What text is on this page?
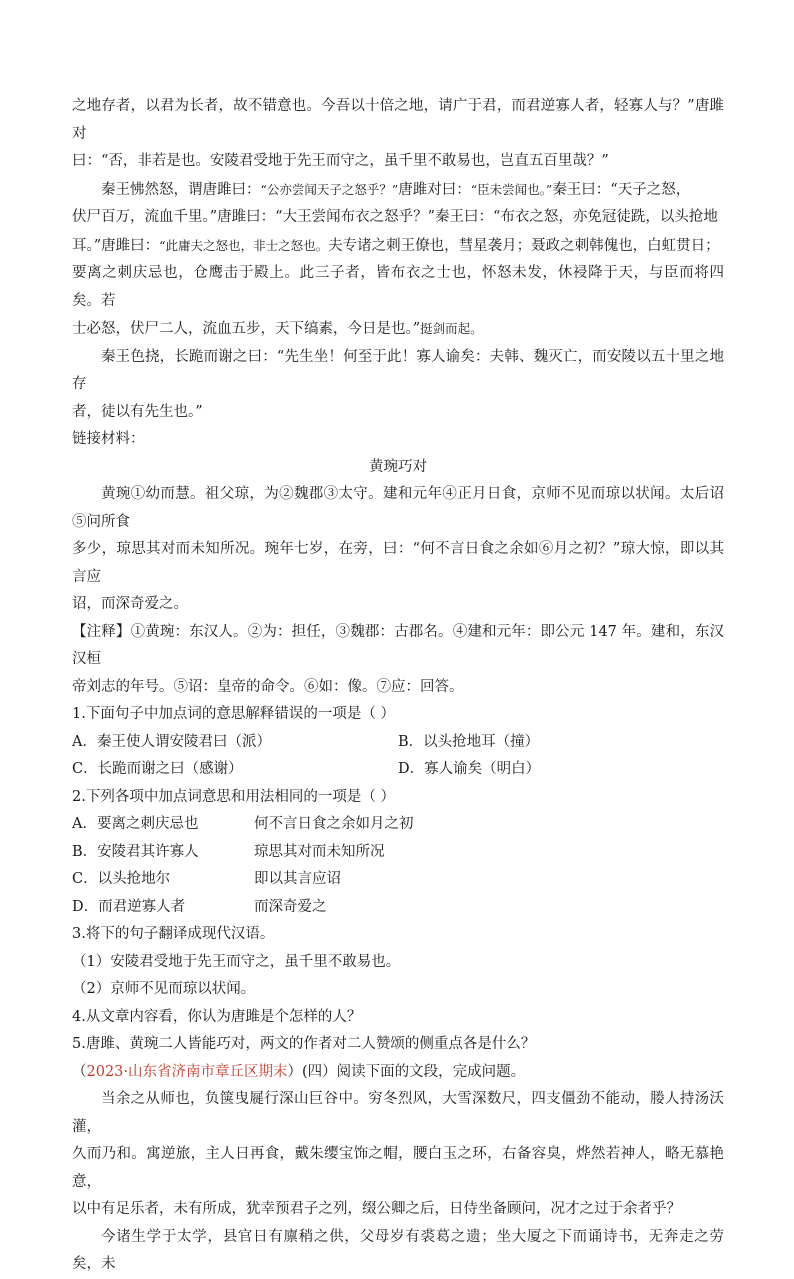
之地存者，以君为长者，故不错意也。今吾以十倍之地，请广于君，而君逆寡人者，轻寡人与？”唐雎对
曰：“否，非若是也。安陵君受地于先王而守之，虽千里不敢易也，岂直五百里哉？”

秦王怫然怒，谓唐雎曰：“公亦尝闻天子之怒乎？”唐雎对曰：“臣未尝闻也。”秦王曰：“天子之怒，
伏尸百万，流血千里。”唐雎曰：“大王尝闻布衣之怒乎？”秦王曰：“布衣之怒，亦免冠徒跣，以头抢地
耳。”唐雎曰：“此庸夫之怒也，非士之怒也。夫专诸之刺王僚也，彗星袭月；聂政之刺韩傀也，白虹贯日；
要离之刺庆忌也，仓鹰击于殿上。此三子者，皆布衣之士也，怀怒未发，休祲降于天，与臣而将四矣。若
士必怒，伏尸二人，流血五步，天下缟素，今日是也。”挺剑而起。

秦王色挠，长跪而谢之曰：“先生坐！何至于此！寡人谕矣：夫韩、魏灭亡，而安陵以五十里之地存
者，徒以有先生也。”

链接材料：

黄琬巧对

黄琬①幼而慧。祖父琼，为②魏郡③太守。建和元年④正月日食，京师不见而琼以状闻。太后诏⑤问所食
多少，琼思其对而未知所况。琬年七岁，在旁，曰：“何不言日食之余如⑥月之初？”琼大惊，即以其言应
诏，而深奇爱之。

【注释】①黄琬：东汉人。②为：担任，③魏郡：古郡名。④建和元年：即公元 147 年。建和，东汉汉桓
帝刘志的年号。⑤诏：皇帝的命令。⑥如：像。⑦应：回答。

1.下面句子中加点词的意思解释错误的一项是（ ）

A．秦王使人谓安陵君曰（派）	B．以头抢地耳（撞）
C．长跪而谢之曰（感谢）	D．寡人谕矣（明白）

2.下列各项中加点词意思和用法相同的一项是（ ）

A．要离之刺庆忌也	何不言日食之余如月之初
B．安陵君其许寡人	琼思其对而未知所况
C．以头抢地尔	即以其言应诏
D．而君逆寡人者	而深奇爱之

3.将下的句子翻译成现代汉语。

（1）安陵君受地于先王而守之，虽千里不敢易也。

（2）京师不见而琼以状闻。

4.从文章内容看，你认为唐雎是个怎样的人？

5.唐雎、黄琬二人皆能巧对，两文的作者对二人赞颂的侧重点各是什么？

（2023·山东省济南市章丘区期末）(四）阅读下面的文段，完成问题。

当余之从师也，负箧曳屣行深山巨谷中。穷冬烈风，大雪深数尺，四支僵劲不能动，媵人持汤沃灌，
久而乃和。寓逆旅，主人日再食，戴朱缨宝饰之帽，腰白玉之环，右备容臭，烨然若神人，略无慕艳意，
以中有足乐者，未有所成，犹幸预君子之列，缀公卿之后，日侍坐备顾问，况才之过于余者乎？

今诸生学于太学，县官日有廪稍之供，父母岁有裘葛之遗；坐大厦之下而诵诗书，无奔走之劳矣，未
